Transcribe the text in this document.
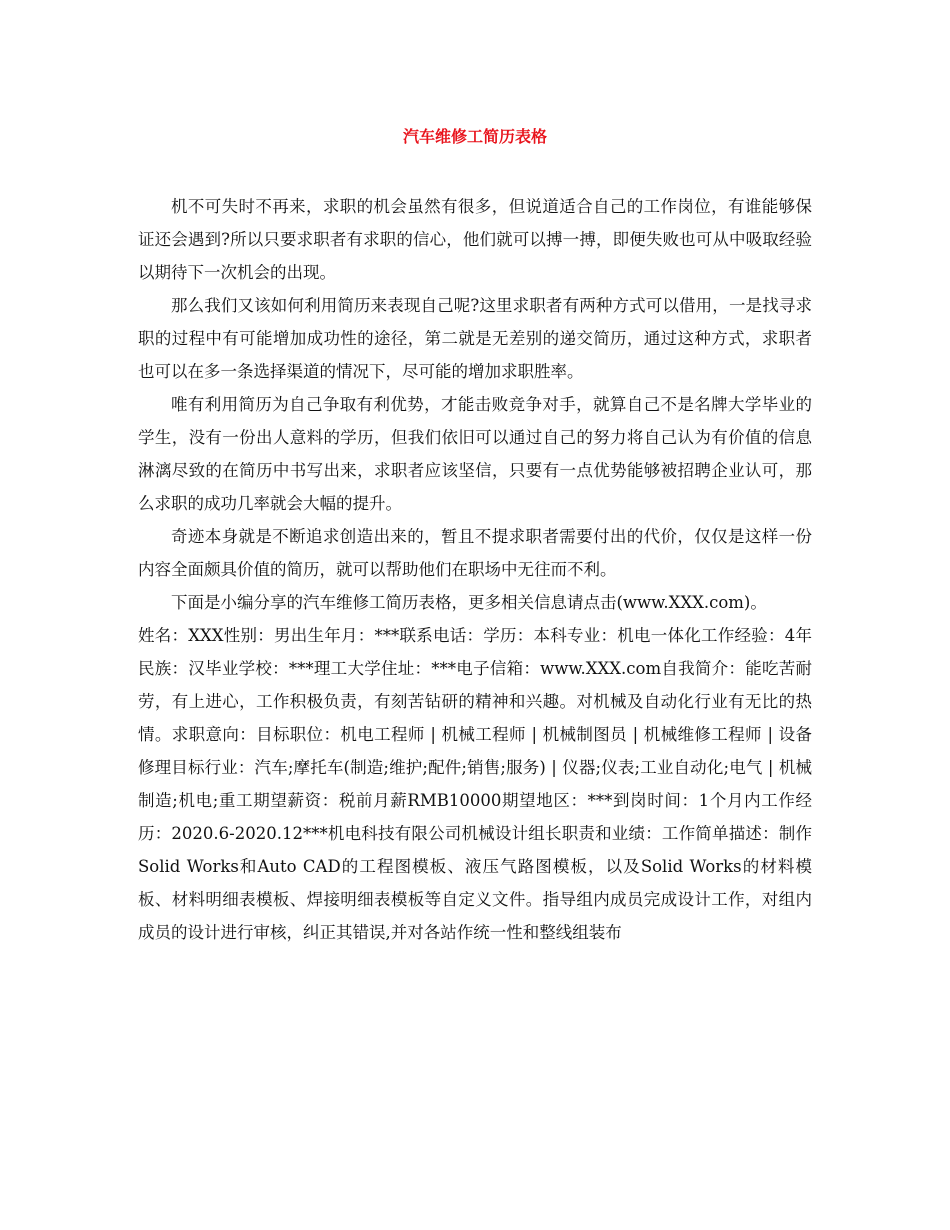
汽车维修工简历表格

机不可失时不再来，求职的机会虽然有很多，但说道适合自己的工作岗位，有谁能够保证还会遇到?所以只要求职者有求职的信心，他们就可以搏一搏，即便失败也可从中吸取经验以期待下一次机会的出现。

那么我们又该如何利用简历来表现自己呢?这里求职者有两种方式可以借用，一是找寻求职的过程中有可能增加成功性的途径，第二就是无差别的递交简历，通过这种方式，求职者也可以在多一条选择渠道的情况下，尽可能的增加求职胜率。

唯有利用简历为自己争取有利优势，才能击败竞争对手，就算自己不是名牌大学毕业的学生，没有一份出人意料的学历，但我们依旧可以通过自己的努力将自己认为有价值的信息淋漓尽致的在简历中书写出来，求职者应该坚信，只要有一点优势能够被招聘企业认可，那么求职的成功几率就会大幅的提升。

奇迹本身就是不断追求创造出来的，暂且不提求职者需要付出的代价，仅仅是这样一份内容全面颇具价值的简历，就可以帮助他们在职场中无往而不利。

下面是小编分享的汽车维修工简历表格，更多相关信息请点击(www.XXX.com)。

姓名：XXX性别：男出生年月：***联系电话：学历：本科专业：机电一体化工作经验：4年民族：汉毕业学校：***理工大学住址：***电子信箱：www.XXX.com自我简介：能吃苦耐劳，有上进心，工作积极负责，有刻苦钻研的精神和兴趣。对机械及自动化行业有无比的热情。求职意向：目标职位：机电工程师 | 机械工程师 | 机械制图员 | 机械维修工程师 | 设备修理目标行业：汽车;摩托车(制造;维护;配件;销售;服务) | 仪器;仪表;工业自动化;电气 | 机械制造;机电;重工期望薪资：税前月薪RMB10000期望地区：***到岗时间：1个月内工作经历：2020.6-2020.12***机电科技有限公司机械设计组长职责和业绩：工作简单描述：制作Solid Works和Auto CAD的工程图模板、液压气路图模板，以及Solid Works的材料模板、材料明细表模板、焊接明细表模板等自定义文件。指导组内成员完成设计工作，对组内成员的设计进行审核，纠正其错误,并对各站作统一性和整线组装布
